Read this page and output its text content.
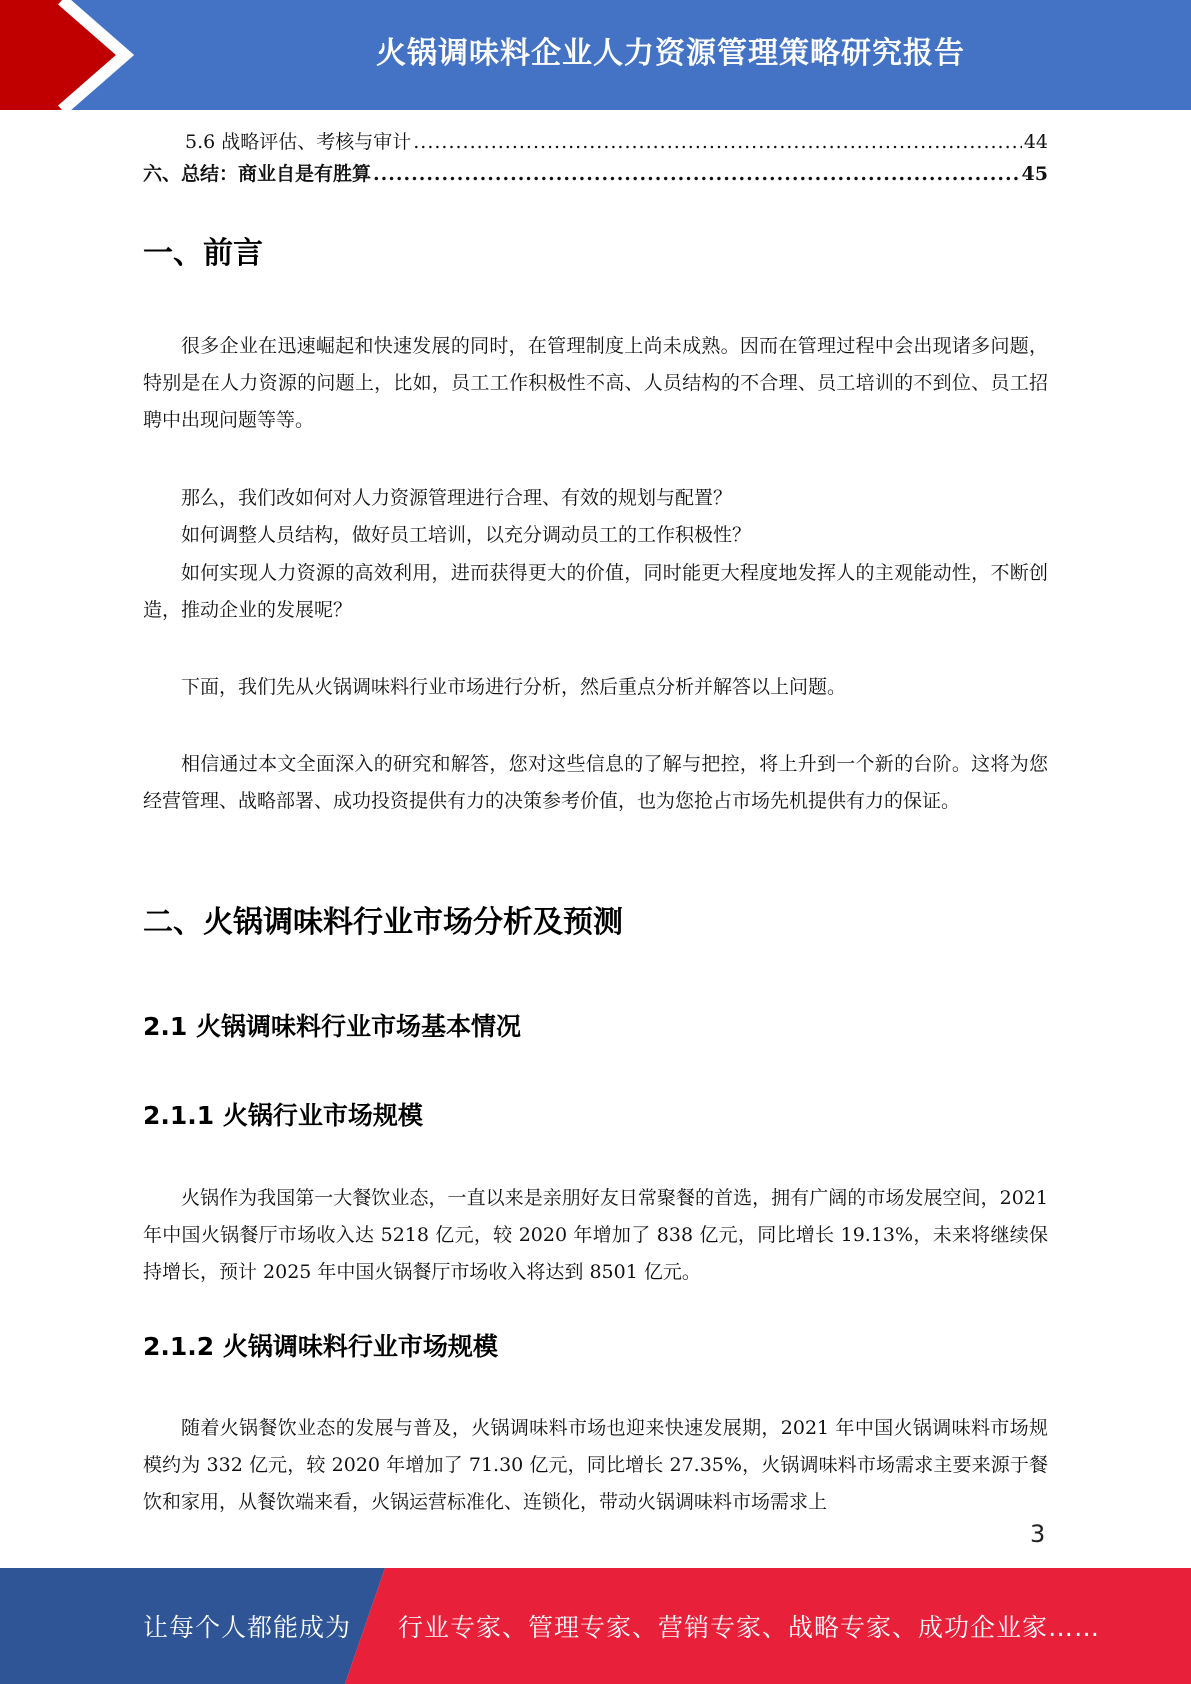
火锅调味料企业人力资源管理策略研究报告
5.6 战略评估、考核与审计 .....	44
六、总结：商业自是有胜算 .....	45
一、前言

很多企业在迅速崛起和快速发展的同时，在管理制度上尚未成熟。因而在管理过程中会出现诸多问题，特别是在人力资源的问题上，比如，员工工作积极性不高、人员结构的不合理、员工培训的不到位、员工招聘中出现问题等等。

那么，我们改如何对人力资源管理进行合理、有效的规划与配置？

如何调整人员结构，做好员工培训，以充分调动员工的工作积极性？

如何实现人力资源的高效利用，进而获得更大的价值，同时能更大程度地发挥人的主观能动性，不断创造，推动企业的发展呢？

下面，我们先从火锅调味料行业市场进行分析，然后重点分析并解答以上问题。

相信通过本文全面深入的研究和解答，您对这些信息的了解与把控，将上升到一个新的台阶。这将为您经营管理、战略部署、成功投资提供有力的决策参考价值，也为您抢占市场先机提供有力的保证。

二、火锅调味料行业市场分析及预测
2.1 火锅调味料行业市场基本情况
2.1.1 火锅行业市场规模

火锅作为我国第一大餐饮业态，一直以来是亲朋好友日常聚餐的首选，拥有广阔的市场发展空间，2021 年中国火锅餐厅市场收入达 5218 亿元，较 2020 年增加了 838 亿元，同比增长 19.13%，未来将继续保持增长，预计 2025 年中国火锅餐厅市场收入将达到 8501 亿元。

2.1.2 火锅调味料行业市场规模

随着火锅餐饮业态的发展与普及，火锅调味料市场也迎来快速发展期，2021 年中国火锅调味料市场规模约为 332 亿元，较 2020 年增加了 71.30 亿元，同比增长 27.35%，火锅调味料市场需求主要来源于餐饮和家用，从餐饮端来看，火锅运营标准化、连锁化，带动火锅调味料市场需求上

3
让每个人都能成为 行业专家、管理专家、营销专家、战略专家、成功企业家……
